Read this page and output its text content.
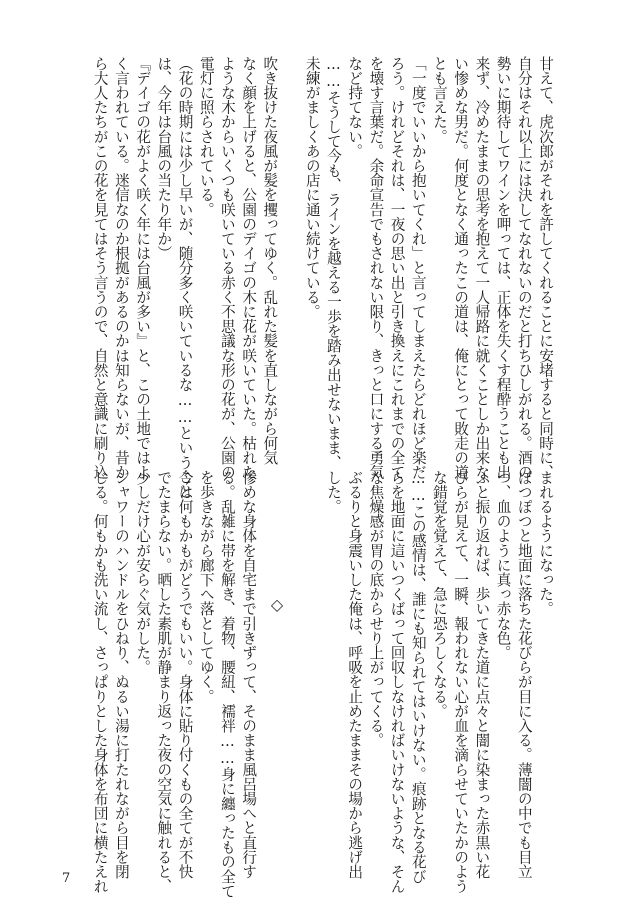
甘えて、虎次郎がそれを許してくれることに安堵すると同時に、
自分はそれ以上には決してなれないのだと打ちひしがれる。酒の
勢いに期待してワインを呷っては、正体を失くす程酔うことも出
来ず、冷めたままの思考を抱えて一人帰路に就くことしか出来な
い惨めな男だ。何度となく通ったこの道は、俺にとって敗走の道
とも言えた。
「一度でいいから抱いてくれ」と言ってしまえたらどれほど楽だ
ろう。けれどそれは、一夜の思い出と引き換えにこれまでの全て
を壊す言葉だ。余命宣告でもされない限り、きっと口にする勇気
など持てない。
……そうして今も、ラインを越える一歩を踏み出せないまま、
未練がましくあの店に通い続けている。

吹き抜けた夜風が髪を攫ってゆく。乱れた髪を直しながら何気
なく顔を上げると、公園のデイゴの木に花が咲いていた。枯れた
ような木からいくつも咲いている赤く不思議な形の花が、公園の
電灯に照らされている。
（花の時期には少し早いが、随分多く咲いているな……ということ
は、今年は台風の当たり年か）
『デイゴの花がよく咲く年には台風が多い』と、この土地ではよ
く言われている。迷信なのか根拠があるのかは知らないが、昔か
ら大人たちがこの花を見てはそう言うので、自然と意識に刷り込
◇	まれるようになった。
ぽつぽつと地面に落ちた花びらが目に入る。薄闇の中でも目立
つ、血のように真っ赤な色。
ふと振り返れば、歩いてきた道に点々と闇に染まった赤黒い花
びらが見えて、一瞬、報われない心が血を滴らせていたかのよう
な錯覚を覚えて、急に恐ろしくなる。
……この感情は、誰にも知られてはいけない。痕跡となる花び
らを地面に這いつくばって回収しなければいけないような、そん
な焦燥感が胃の底からせり上がってくる。
ぶるりと身震いした俺は、呼吸を止めたままその場から逃げ出
した。

惨めな身体を自宅まで引きずって、そのまま風呂場へと直行す
る。乱雑に帯を解き、着物、腰紐、襦袢……身に纏ったもの全て
を歩きながら廊下へ落としてゆく。
今は何もかもがどうでもいい。身体に貼り付くもの全てが不快
でたまらない。晒した素肌が静まり返った夜の空気に触れると、
少しだけ心が安らぐ気がした。
シャワーのハンドルをひねり、ぬるい湯に打たれながら目を閉
じる。何もかも洗い流し、さっぱりとした身体を布団に横たえれ
7
